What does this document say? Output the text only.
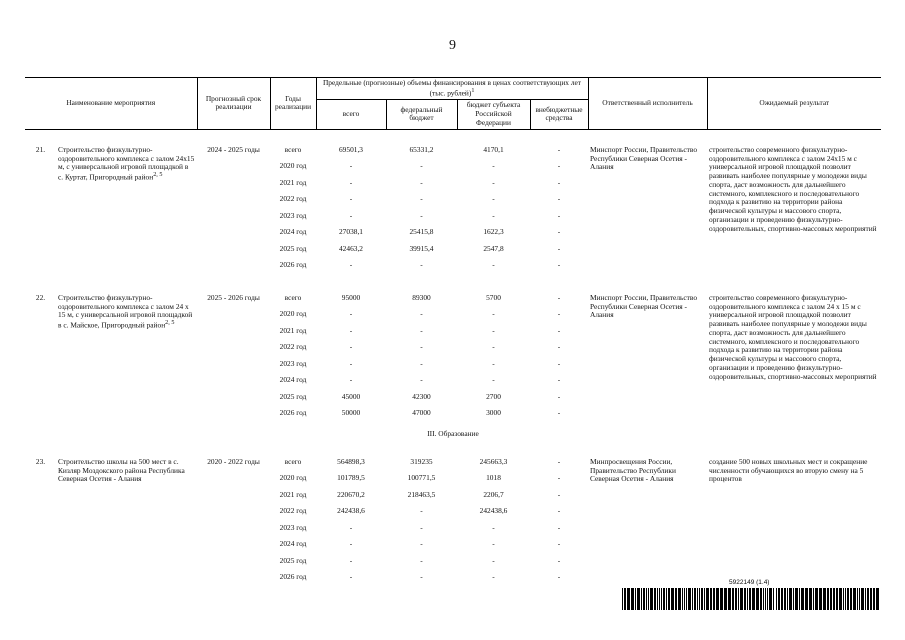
9
Наименование мероприятия		Прогнозный срок реализации	Годы реализации	Предельные (прогнозные) объемы финансирования в ценах соответствующих лет (тыс. рублей)$^1$				Ответственный исполнитель	Ожидаемый результат
				всего	федеральный бюджет	бюджет субъекта Российской Федерации	внебюджетные средства		

21.	Строительство физкультурно-оздоровительного комплекса с залом 24х15 м, с универсальной игровой площадкой в с. Куртат, Пригородный район$^{2, 5}$	2024 - 2025 годы	всего	69501,3	65331,2	4170,1	-	Минспорт России, Правительство Республики Северная Осетия - Алания	строительство современного физкультурно-оздоровительного комплекса с залом 24х15 м с универсальной игровой площадкой позволит развивать наиболее популярные у молодежи виды спорта, даст возможность для дальнейшего системного, комплексного и последовательного подхода к развитию на территории района физической культуры и массового спорта, организации и проведению физкультурно-оздоровительных, спортивно-массовых мероприятий
			2020 год	-	-	-	-		
			2021 год	-	-	-	-		
			2022 год	-	-	-	-		
			2023 год	-	-	-	-		
			2024 год	27038,1	25415,8	1622,3	-		
			2025 год	42463,2	39915,4	2547,8	-		
			2026 год	-	-	-	-		

22.	Строительство физкультурно-оздоровительного комплекса с залом 24 х 15 м, с универсальной игровой площадкой в с. Майское, Пригородный район$^{2, 5}$	2025 - 2026 годы	всего	95000	89300	5700	-	Минспорт России, Правительство Республики Северная Осетия - Алания	строительство современного физкультурно-оздоровительного комплекса с залом 24 х 15 м с универсальной игровой площадкой позволит развивать наиболее популярные у молодежи виды спорта, даст возможность для дальнейшего системного, комплексного и последовательного подхода к развитию на территории района физической культуры и массового спорта, организации и проведению физкультурно-оздоровительных, спортивно-массовых мероприятий
			2020 год	-	-	-	-		
			2021 год	-	-	-	-		
			2022 год	-	-	-	-		
			2023 год	-	-	-	-		
			2024 год	-	-	-	-		
			2025 год	45000	42300	2700	-		
			2026 год	50000	47000	3000	-		
III. Образование									

23.	Строительство школы на 500 мест в с. Кизляр Моздокского района Республика Северная Осетия - Алания	2020 - 2022 годы	всего	564898,3	319235	245663,3	-	Минпросвещения России, Правительство Республики Северная Осетия - Алания	создание 500 новых школьных мест и сокращение численности обучающихся во вторую смену на 5 процентов
			2020 год	101789,5	100771,5	1018	-		
			2021 год	220670,2	218463,5	2206,7	-		
			2022 год	242438,6	-	242438,6	-		
			2023 год	-	-	-	-		
			2024 год	-	-	-	-		
			2025 год	-	-	-	-		
			2026 год	-	-	-	-		
5922149 (1.4)
